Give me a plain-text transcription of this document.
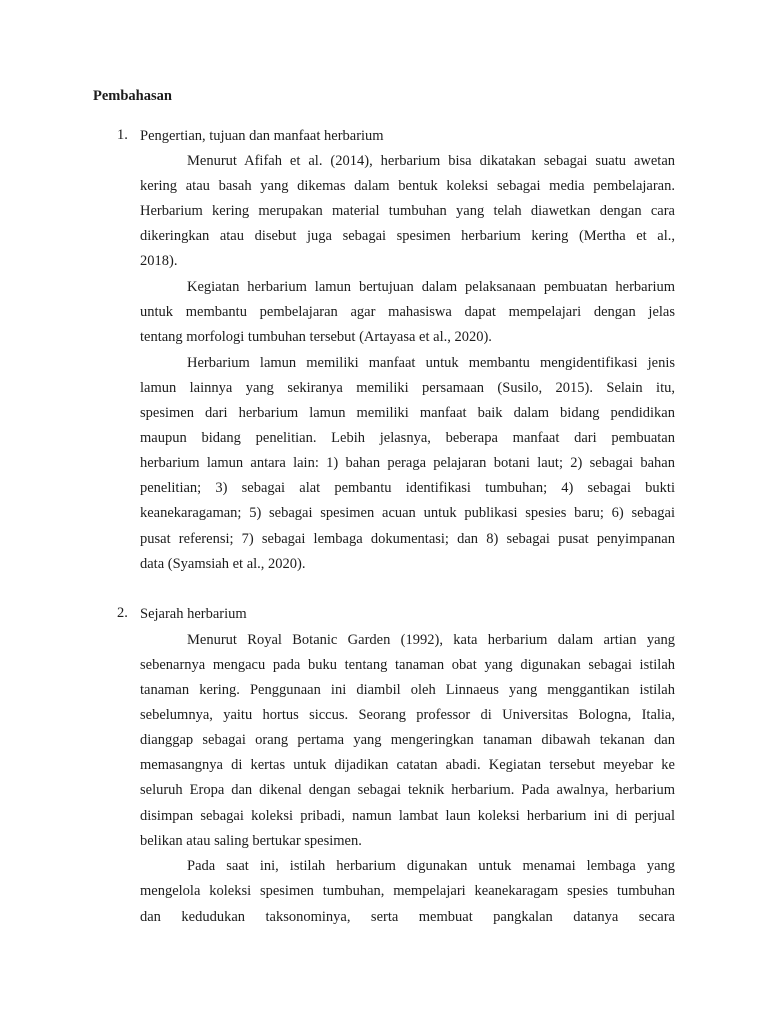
Pembahasan
1. Pengertian, tujuan dan manfaat herbarium
Menurut Afifah et al. (2014), herbarium bisa dikatakan sebagai suatu awetan
kering atau basah yang dikemas dalam bentuk koleksi sebagai media pembelajaran.
Herbarium kering merupakan material tumbuhan yang telah diawetkan dengan cara
dikeringkan atau disebut juga sebagai spesimen herbarium kering (Mertha et al.,
2018).
Kegiatan herbarium lamun bertujuan dalam pelaksanaan pembuatan herbarium
untuk membantu pembelajaran agar mahasiswa dapat mempelajari dengan jelas
tentang morfologi tumbuhan tersebut (Artayasa et al., 2020).
Herbarium lamun memiliki manfaat untuk membantu mengidentifikasi jenis
lamun lainnya yang sekiranya memiliki persamaan (Susilo, 2015). Selain itu,
spesimen dari herbarium lamun memiliki manfaat baik dalam bidang pendidikan
maupun bidang penelitian. Lebih jelasnya, beberapa manfaat dari pembuatan
herbarium lamun antara lain: 1) bahan peraga pelajaran botani laut; 2) sebagai bahan
penelitian; 3) sebagai alat pembantu identifikasi tumbuhan; 4) sebagai bukti
keanekaragaman; 5) sebagai spesimen acuan untuk publikasi spesies baru; 6) sebagai
pusat referensi; 7) sebagai lembaga dokumentasi; dan 8) sebagai pusat penyimpanan
data (Syamsiah et al., 2020).
2. Sejarah herbarium
Menurut Royal Botanic Garden (1992), kata herbarium dalam artian yang
sebenarnya mengacu pada buku tentang tanaman obat yang digunakan sebagai istilah
tanaman kering. Penggunaan ini diambil oleh Linnaeus yang menggantikan istilah
sebelumnya, yaitu hortus siccus. Seorang professor di Universitas Bologna, Italia,
dianggap sebagai orang pertama yang mengeringkan tanaman dibawah tekanan dan
memasangnya di kertas untuk dijadikan catatan abadi. Kegiatan tersebut meyebar ke
seluruh Eropa dan dikenal dengan sebagai teknik herbarium. Pada awalnya, herbarium
disimpan sebagai koleksi pribadi, namun lambat laun koleksi herbarium ini di perjual
belikan atau saling bertukar spesimen.
Pada saat ini, istilah herbarium digunakan untuk menamai lembaga yang
mengelola koleksi spesimen tumbuhan, mempelajari keanekaragam spesies tumbuhan
dan kedudukan taksonominya, serta membuat pangkalan datanya secara
